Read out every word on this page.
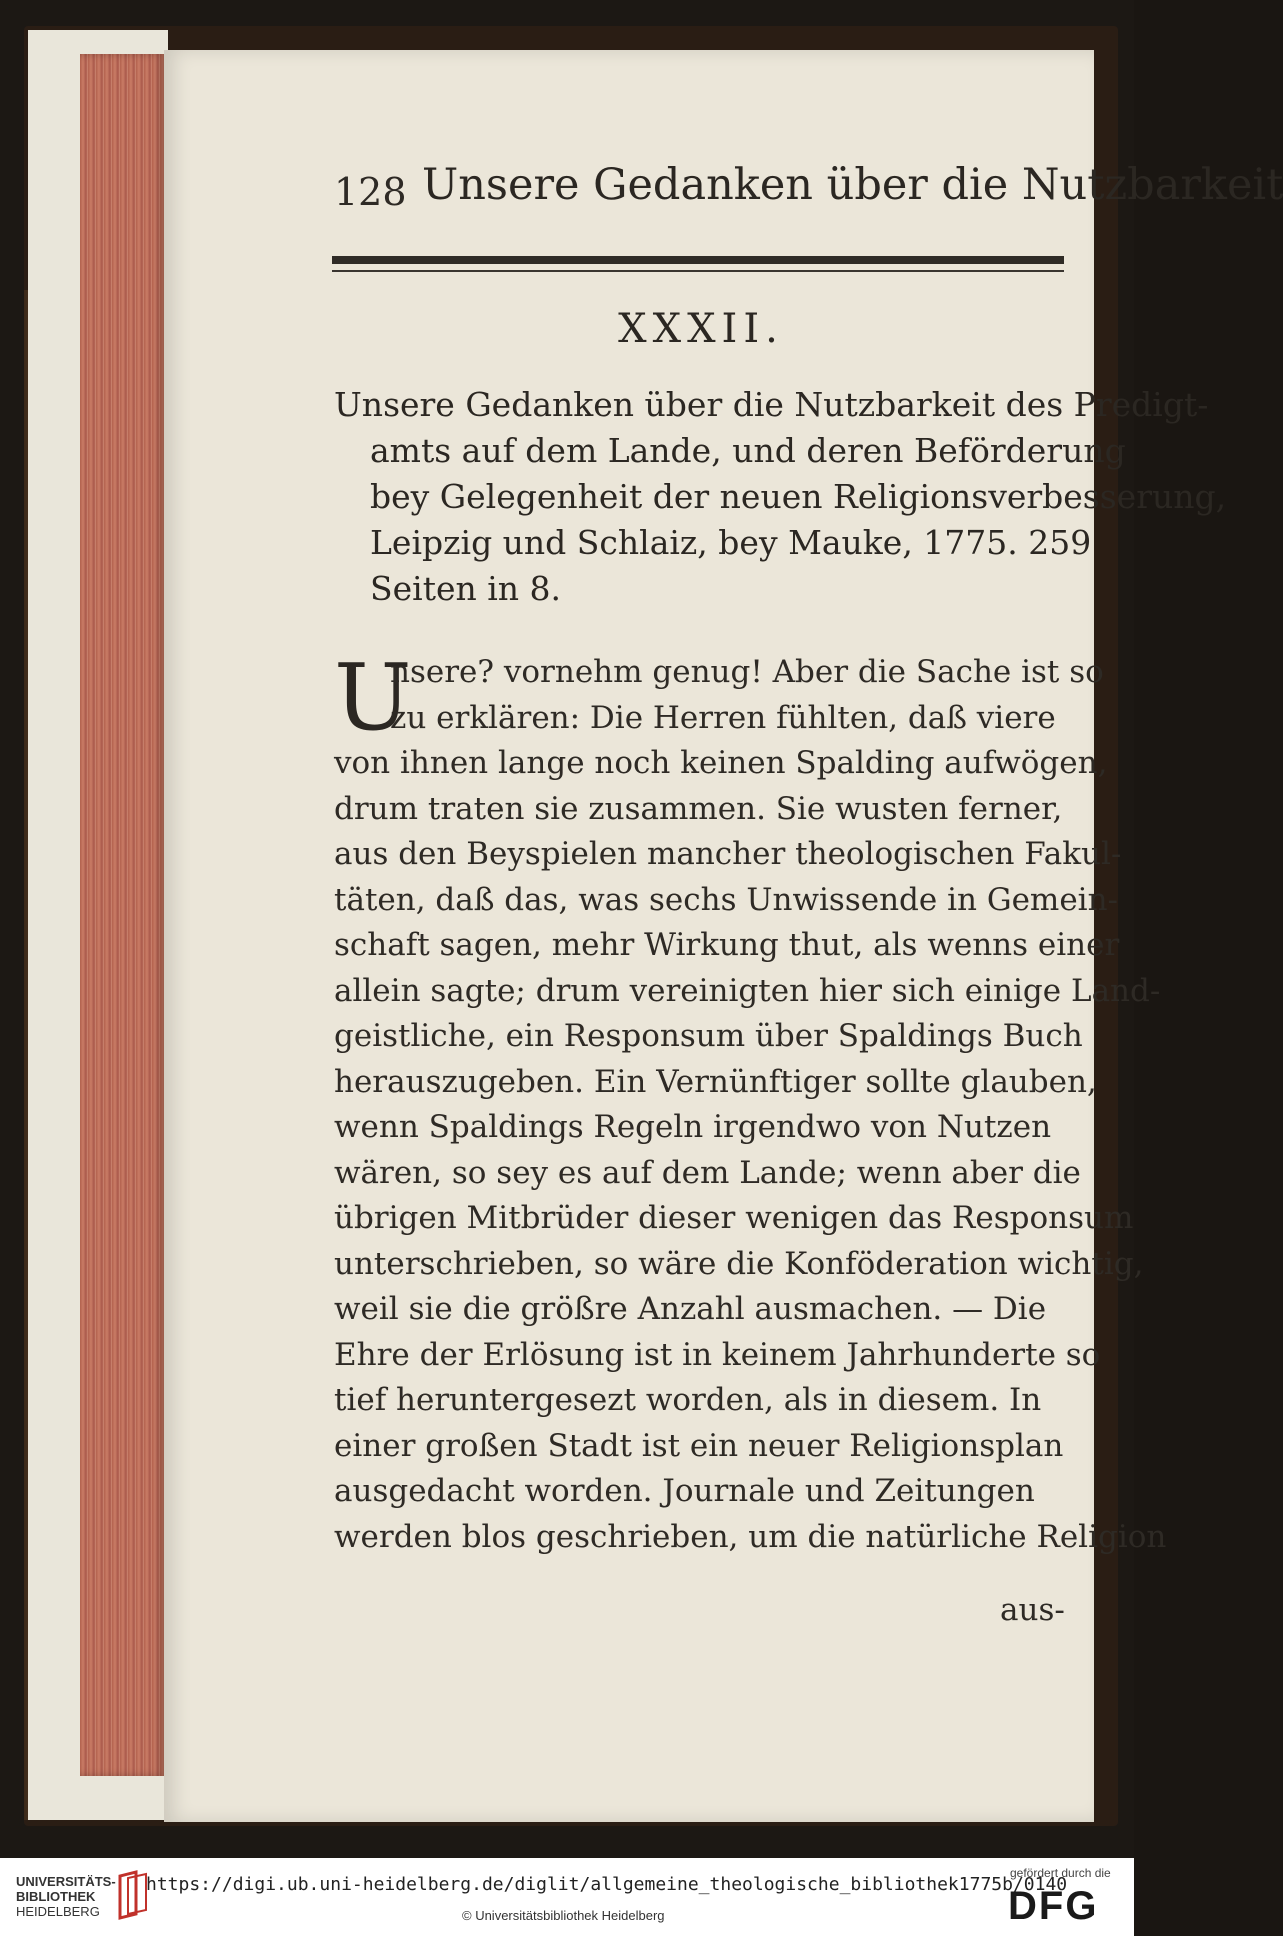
128 Unsere Gedanken über die Nutzbarkeit
XXXII.
Unsere Gedanken über die Nutzbarkeit des Predigt-
amts auf dem Lande, und deren Beförderung
bey Gelegenheit der neuen Religionsverbesserung,
Leipzig und Schlaiz, bey Mauke, 1775. 259
Seiten in 8.
U
nsere? vornehm genug! Aber die Sache ist so
zu erklären: Die Herren fühlten, daß viere
von ihnen lange noch keinen Spalding aufwögen,
drum traten sie zusammen. Sie wusten ferner,
aus den Beyspielen mancher theologischen Fakul-
täten, daß das, was sechs Unwissende in Gemein-
schaft sagen, mehr Wirkung thut, als wenns einer
allein sagte; drum vereinigten hier sich einige Land-
geistliche, ein Responsum über Spaldings Buch
herauszugeben. Ein Vernünftiger sollte glauben,
wenn Spaldings Regeln irgendwo von Nutzen
wären, so sey es auf dem Lande; wenn aber die
übrigen Mitbrüder dieser wenigen das Responsum
unterschrieben, so wäre die Konföderation wichtig,
weil sie die größre Anzahl ausmachen. — Die
Ehre der Erlösung ist in keinem Jahrhunderte so
tief heruntergesezt worden, als in diesem. In
einer großen Stadt ist ein neuer Religionsplan
ausgedacht worden. Journale und Zeitungen
werden blos geschrieben, um die natürliche Religion
aus-
UNIVERSITÄTS-
BIBLIOTHEK
HEIDELBERG
https://digi.ub.uni-heidelberg.de/diglit/allgemeine_theologische_bibliothek1775b/0140
© Universitätsbibliothek Heidelberg
gefördert durch die
DFG
